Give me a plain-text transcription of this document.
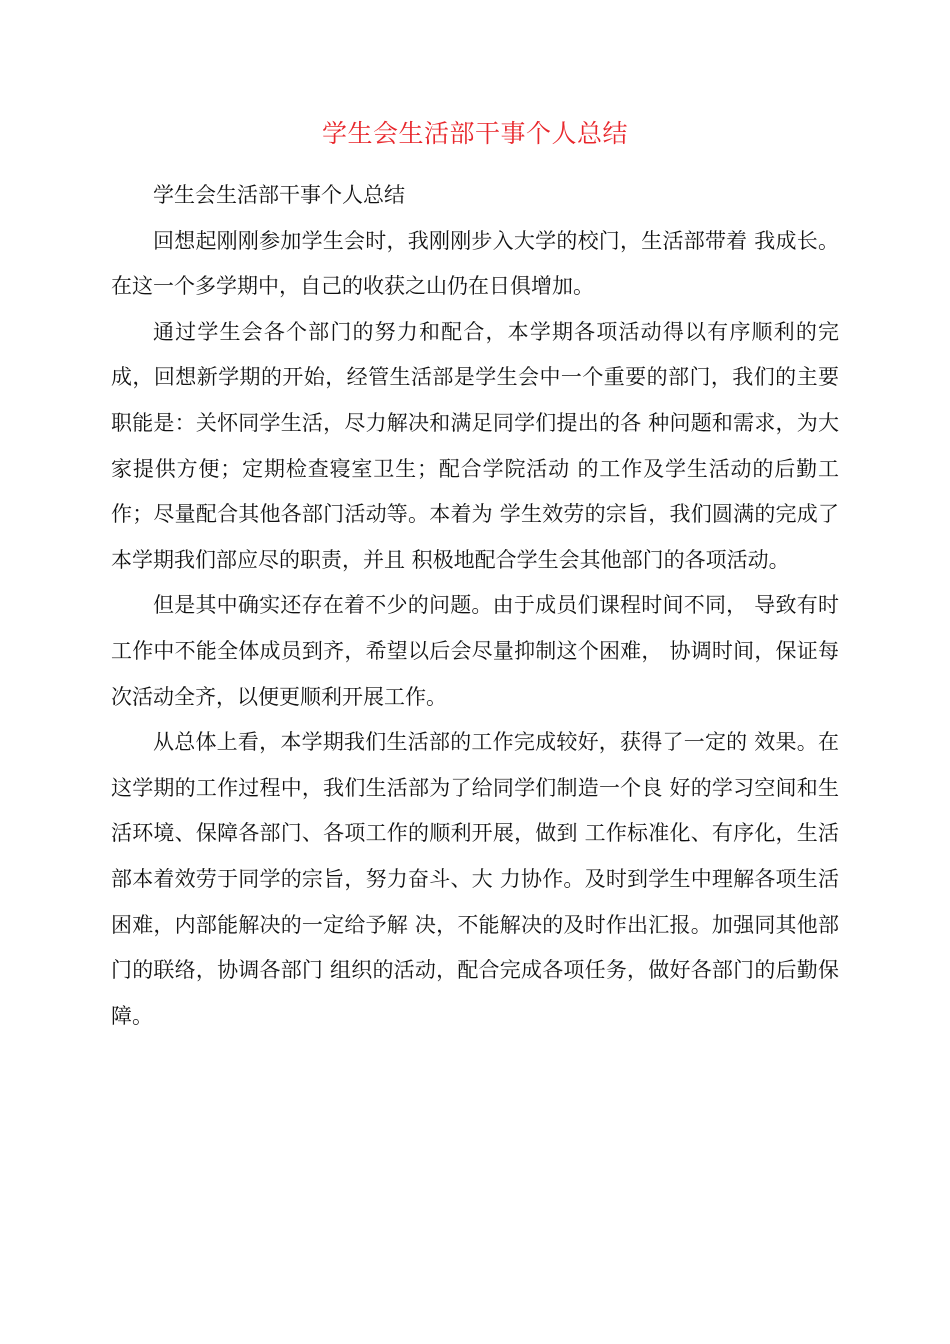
学生会生活部干事个人总结

学生会生活部干事个人总结

回想起刚刚参加学生会时，我刚刚步入大学的校门，生活部带着 我成长。在这一个多学期中，自己的收获之山仍在日俱增加。

通过学生会各个部门的努力和配合，本学期各项活动得以有序顺利的完成，回想新学期的开始，经管生活部是学生会中一个重要的部门，我们的主要职能是：关怀同学生活，尽力解决和满足同学们提出的各 种问题和需求，为大家提供方便；定期检查寝室卫生；配合学院活动 的工作及学生活动的后勤工作；尽量配合其他各部门活动等。本着为 学生效劳的宗旨，我们圆满的完成了本学期我们部应尽的职责，并且 积极地配合学生会其他部门的各项活动。

但是其中确实还存在着不少的问题。由于成员们课程时间不同， 导致有时工作中不能全体成员到齐，希望以后会尽量抑制这个困难， 协调时间，保证每次活动全齐，以便更顺利开展工作。

从总体上看，本学期我们生活部的工作完成较好，获得了一定的 效果。在这学期的工作过程中，我们生活部为了给同学们制造一个良 好的学习空间和生活环境、保障各部门、各项工作的顺利开展，做到 工作标准化、有序化，生活部本着效劳于同学的宗旨，努力奋斗、大 力协作。及时到学生中理解各项生活困难，内部能解决的一定给予解 决，不能解决的及时作出汇报。加强同其他部门的联络，协调各部门 组织的活动，配合完成各项任务，做好各部门的后勤保障。
